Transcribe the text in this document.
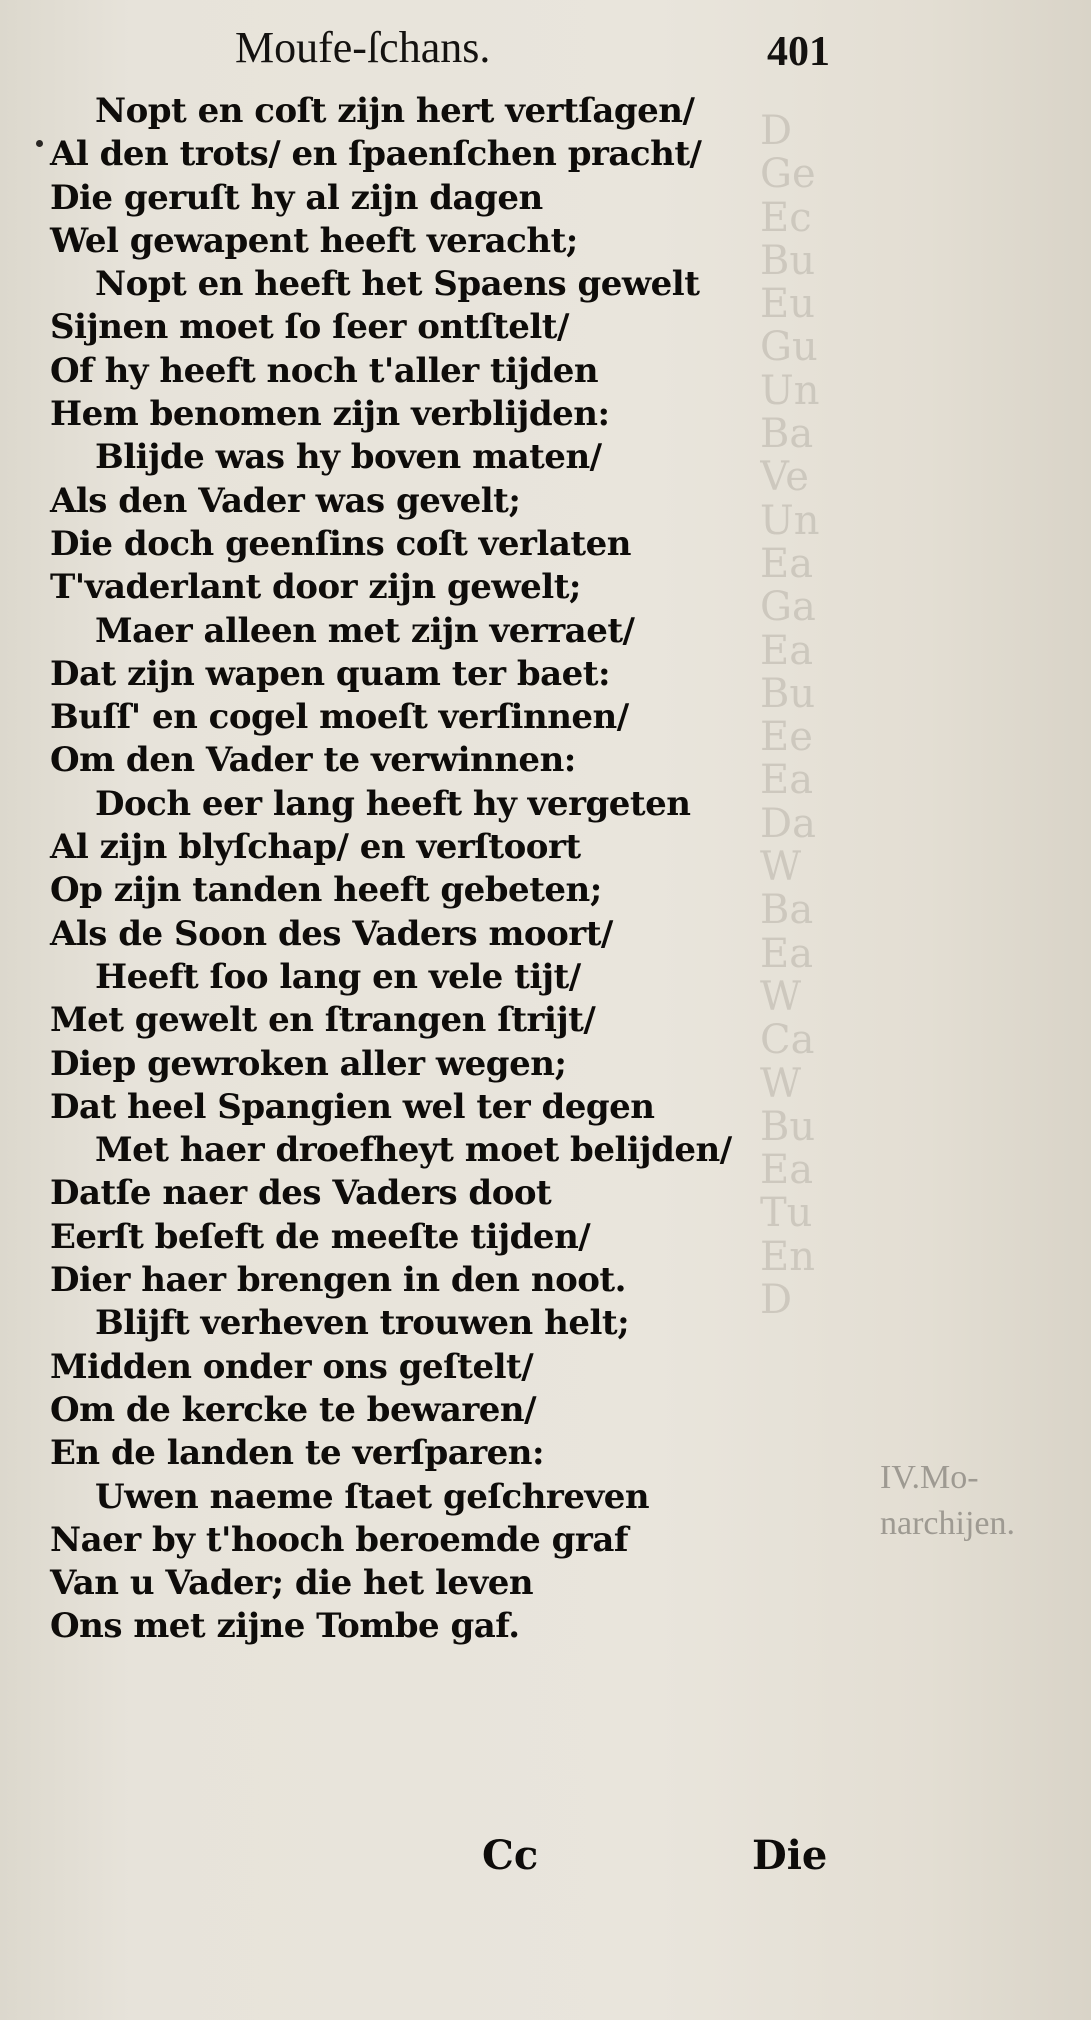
D
Ge
Ec
Bu
Eu
Gu
Un
Ba
Ve
Un
Ea
Ga
Ea
Bu
Ee
Ea
Da
W
Ba
Ea
W
Ca
W
Bu
Ea
Tu
En
D
IV.Mo-
narchijen.
Moufe-ſchans.	401
Nopt en coſt zijn hert vertſagen/
Al den trots/ en ſpaenſchen pracht/
Die geruſt hy al zijn dagen
Wel gewapent heeft veracht;
Nopt en heeft het Spaens gewelt
Sijnen moet ſo ſeer ontſtelt/
Of hy heeft noch t'aller tijden
Hem benomen zijn verblijden:
Blijde was hy boven maten/
Als den Vader was gevelt;
Die doch geenſins coſt verlaten
T'vaderlant door zijn gewelt;
Maer alleen met zijn verraet/
Dat zijn wapen quam ter baet:
Buſſ' en cogel moeſt verſinnen/
Om den Vader te verwinnen:
Doch eer lang heeft hy vergeten
Al zijn blyſchap/ en verſtoort
Op zijn tanden heeft gebeten;
Als de Soon des Vaders moort/
Heeft ſoo lang en vele tijt/
Met gewelt en ſtrangen ſtrijt/
Diep gewroken aller wegen;
Dat heel Spangien wel ter degen
Met haer droefheyt moet belijden/
Datſe naer des Vaders doot
Eerſt beſeft de meeſte tijden/
Dier haer brengen in den noot.
Blijft verheven trouwen helt;
Midden onder ons geſtelt/
Om de kercke te bewaren/
En de landen te verſparen:
Uwen naeme ſtaet geſchreven
Naer by t'hooch beroemde graf
Van u Vader; die het leven
Ons met zijne Tombe gaf.
Cc	Die
